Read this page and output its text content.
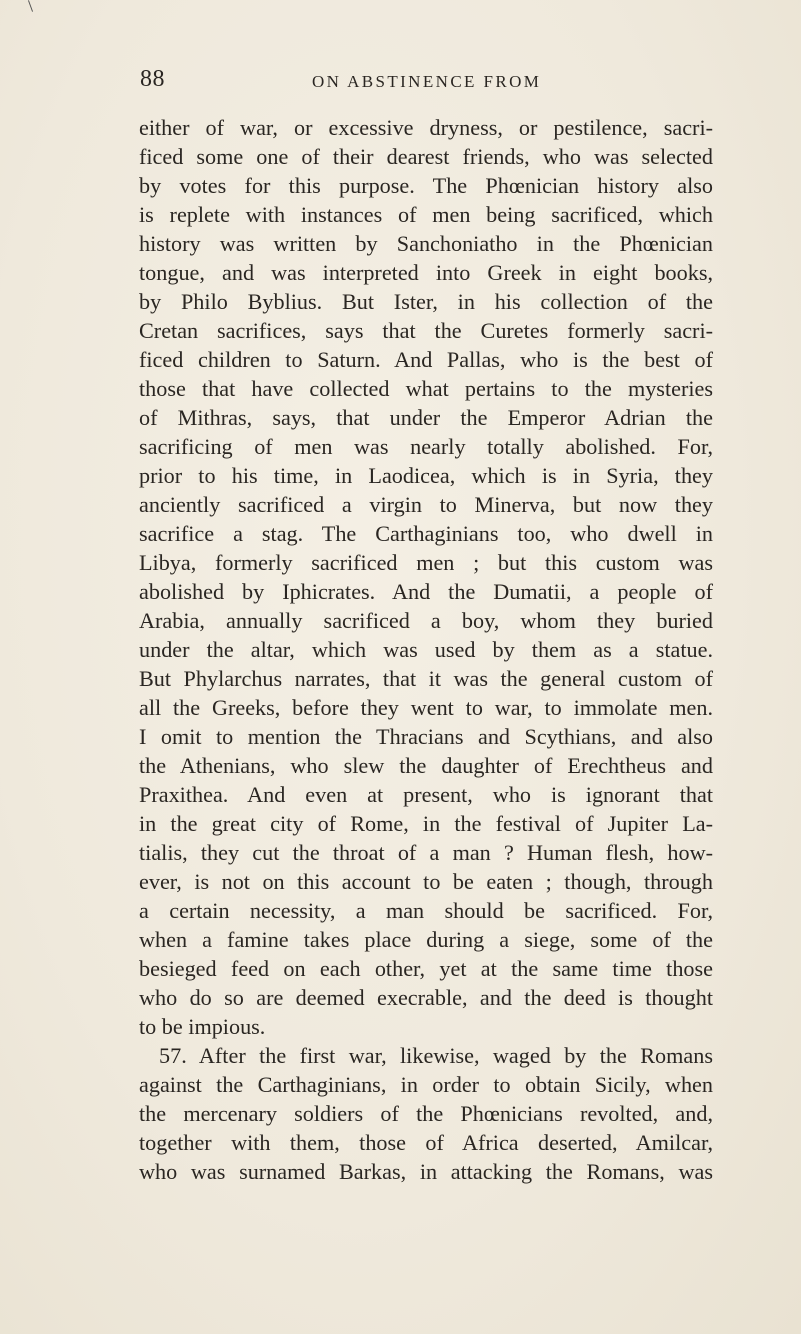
88	ON ABSTINENCE FROM
either of war, or excessive dryness, or pestilence, sacri-
ficed some one of their dearest friends, who was selected
by votes for this purpose. The Phœnician history also
is replete with instances of men being sacrificed, which
history was written by Sanchoniatho in the Phœnician
tongue, and was interpreted into Greek in eight books,
by Philo Byblius. But Ister, in his collection of the
Cretan sacrifices, says that the Curetes formerly sacri-
ficed children to Saturn. And Pallas, who is the best of
those that have collected what pertains to the mysteries
of Mithras, says, that under the Emperor Adrian the
sacrificing of men was nearly totally abolished. For,
prior to his time, in Laodicea, which is in Syria, they
anciently sacrificed a virgin to Minerva, but now they
sacrifice a stag. The Carthaginians too, who dwell in
Libya, formerly sacrificed men ; but this custom was
abolished by Iphicrates. And the Dumatii, a people of
Arabia, annually sacrificed a boy, whom they buried
under the altar, which was used by them as a statue.
But Phylarchus narrates, that it was the general custom of
all the Greeks, before they went to war, to immolate men.
I omit to mention the Thracians and Scythians, and also
the Athenians, who slew the daughter of Erechtheus and
Praxithea. And even at present, who is ignorant that
in the great city of Rome, in the festival of Jupiter La-
tialis, they cut the throat of a man ? Human flesh, how-
ever, is not on this account to be eaten ; though, through
a certain necessity, a man should be sacrificed. For,
when a famine takes place during a siege, some of the
besieged feed on each other, yet at the same time those
who do so are deemed execrable, and the deed is thought
to be impious.
57. After the first war, likewise, waged by the Romans
against the Carthaginians, in order to obtain Sicily, when
the mercenary soldiers of the Phœnicians revolted, and,
together with them, those of Africa deserted, Amilcar,
who was surnamed Barkas, in attacking the Romans, was
